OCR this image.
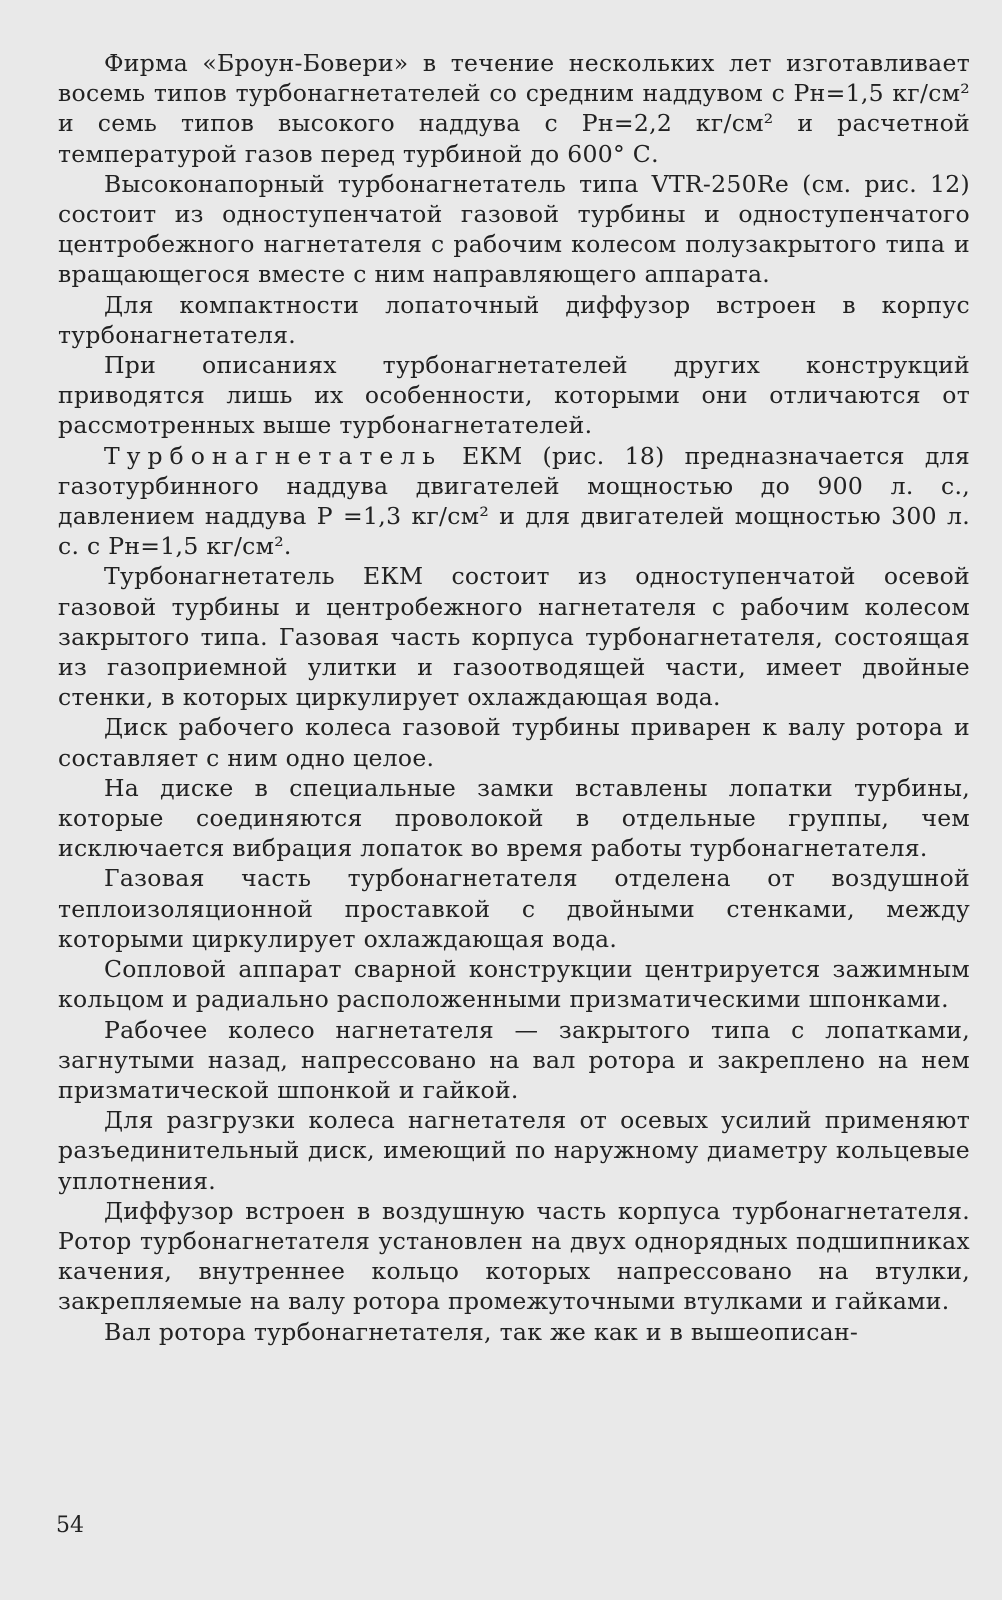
Фирма «Броун-Бовери» в течение нескольких лет изготавливает восемь типов турбонагнетателей со средним наддувом с Pн=1,5 кг/см² и семь типов высокого наддува с Pн=2,2 кг/см² и расчетной температурой газов перед турбиной до 600° С.

Высоконапорный турбонагнетатель типа VTR-250Re (см. рис. 12) состоит из одноступенчатой газовой турбины и одноступенчатого центробежного нагнетателя с рабочим колесом полузакрытого типа и вращающегося вместе с ним направляющего аппарата.

Для компактности лопаточный диффузор встроен в корпус турбонагнетателя.

При описаниях турбонагнетателей других конструкций приводятся лишь их особенности, которыми они отличаются от рассмотренных выше турбонагнетателей.

Турбонагнетатель ЕКМ (рис. 18) предназначается для газотурбинного наддува двигателей мощностью до 900 л. с., давлением наддува P =1,3 кг/см² и для двигателей мощностью 300 л. с. с Pн=1,5 кг/см².

Турбонагнетатель ЕКМ состоит из одноступенчатой осевой газовой турбины и центробежного нагнетателя с рабочим колесом закрытого типа. Газовая часть корпуса турбонагнетателя, состоящая из газоприемной улитки и газоотводящей части, имеет двойные стенки, в которых циркулирует охлаждающая вода.

Диск рабочего колеса газовой турбины приварен к валу ротора и составляет с ним одно целое.

На диске в специальные замки вставлены лопатки турбины, которые соединяются проволокой в отдельные группы, чем исключается вибрация лопаток во время работы турбонагнетателя.

Газовая часть турбонагнетателя отделена от воздушной теплоизоляционной проставкой с двойными стенками, между которыми циркулирует охлаждающая вода.

Сопловой аппарат сварной конструкции центрируется зажимным кольцом и радиально расположенными призматическими шпонками.

Рабочее колесо нагнетателя — закрытого типа с лопатками, загнутыми назад, напрессовано на вал ротора и закреплено на нем призматической шпонкой и гайкой.

Для разгрузки колеса нагнетателя от осевых усилий применяют разъединительный диск, имеющий по наружному диаметру кольцевые уплотнения.

Диффузор встроен в воздушную часть корпуса турбонагнетателя. Ротор турбонагнетателя установлен на двух однорядных подшипниках качения, внутреннее кольцо которых напрессовано на втулки, закрепляемые на валу ротора промежуточными втулками и гайками.

Вал ротора турбонагнетателя, так же как и в вышеописан-

54
